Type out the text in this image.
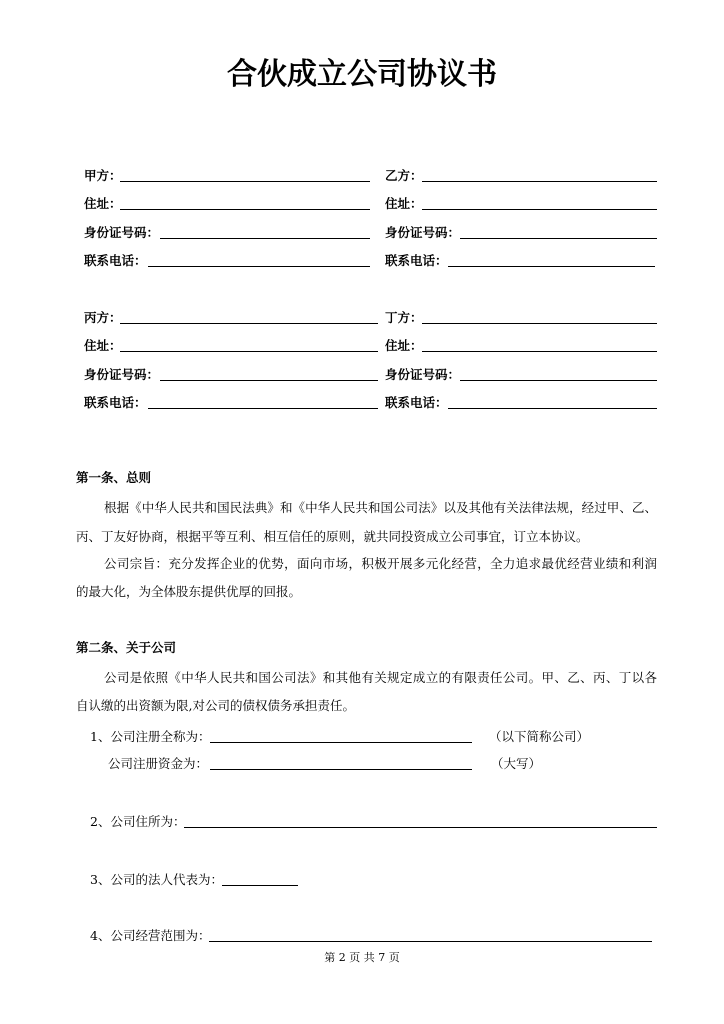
合伙成立公司协议书
甲方：	乙方：
住址：	住址：
身份证号码：	身份证号码：
联系电话：	联系电话：
丙方：	丁方：
住址：	住址：
身份证号码：	身份证号码：
联系电话：	联系电话：
第一条、总则
根据《中华人民共和国民法典》和《中华人民共和国公司法》以及其他有关法律法规，经过甲、乙、
丙、丁友好协商，根据平等互利、相互信任的原则，就共同投资成立公司事宜，订立本协议。
公司宗旨：充分发挥企业的优势，面向市场，积极开展多元化经营，全力追求最优经营业绩和利润
的最大化，为全体股东提供优厚的回报。
第二条、关于公司
公司是依照《中华人民共和国公司法》和其他有关规定成立的有限责任公司。甲、乙、丙、丁以各
自认缴的出资额为限,对公司的债权债务承担责任。
1、公司注册全称为：	（以下简称公司）
公司注册资金为：	（大写）
2、公司住所为：
3、公司的法人代表为：
4、公司经营范围为：
第 2 页 共 7 页
